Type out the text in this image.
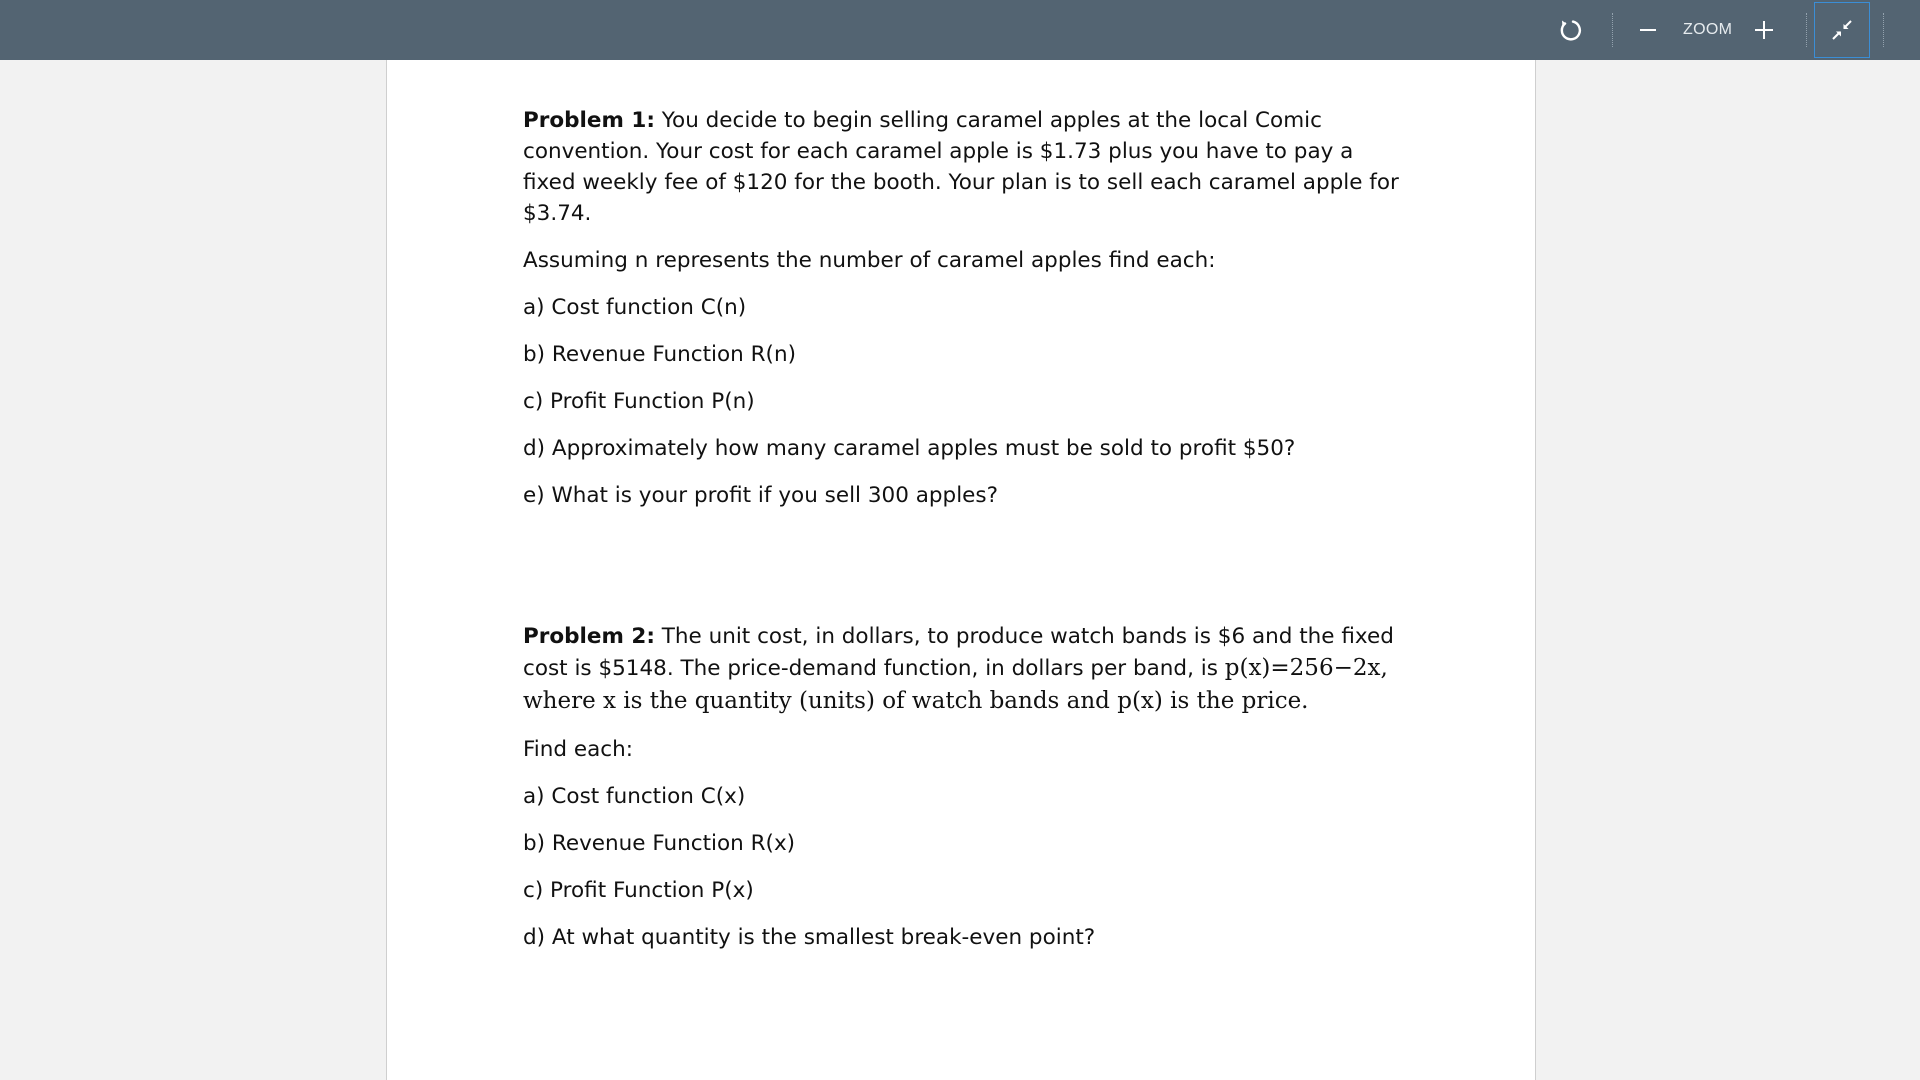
ZOOM

Problem 1: You decide to begin selling caramel apples at the local Comic convention. Your cost for each caramel apple is $1.73 plus you have to pay a fixed weekly fee of $120 for the booth. Your plan is to sell each caramel apple for $3.74.

Assuming n represents the number of caramel apples find each:

a) Cost function C(n)
b) Revenue Function R(n)
c) Profit Function P(n)
d) Approximately how many caramel apples must be sold to profit $50?
e) What is your profit if you sell 300 apples?

Problem 2: The unit cost, in dollars, to produce watch bands is $6 and the fixed cost is $5148. The price-demand function, in dollars per band, is p(x)=256−2x, where x is the quantity (units) of watch bands and p(x) is the price.

Find each:

a) Cost function C(x)
b) Revenue Function R(x)
c) Profit Function P(x)
d) At what quantity is the smallest break-even point?
